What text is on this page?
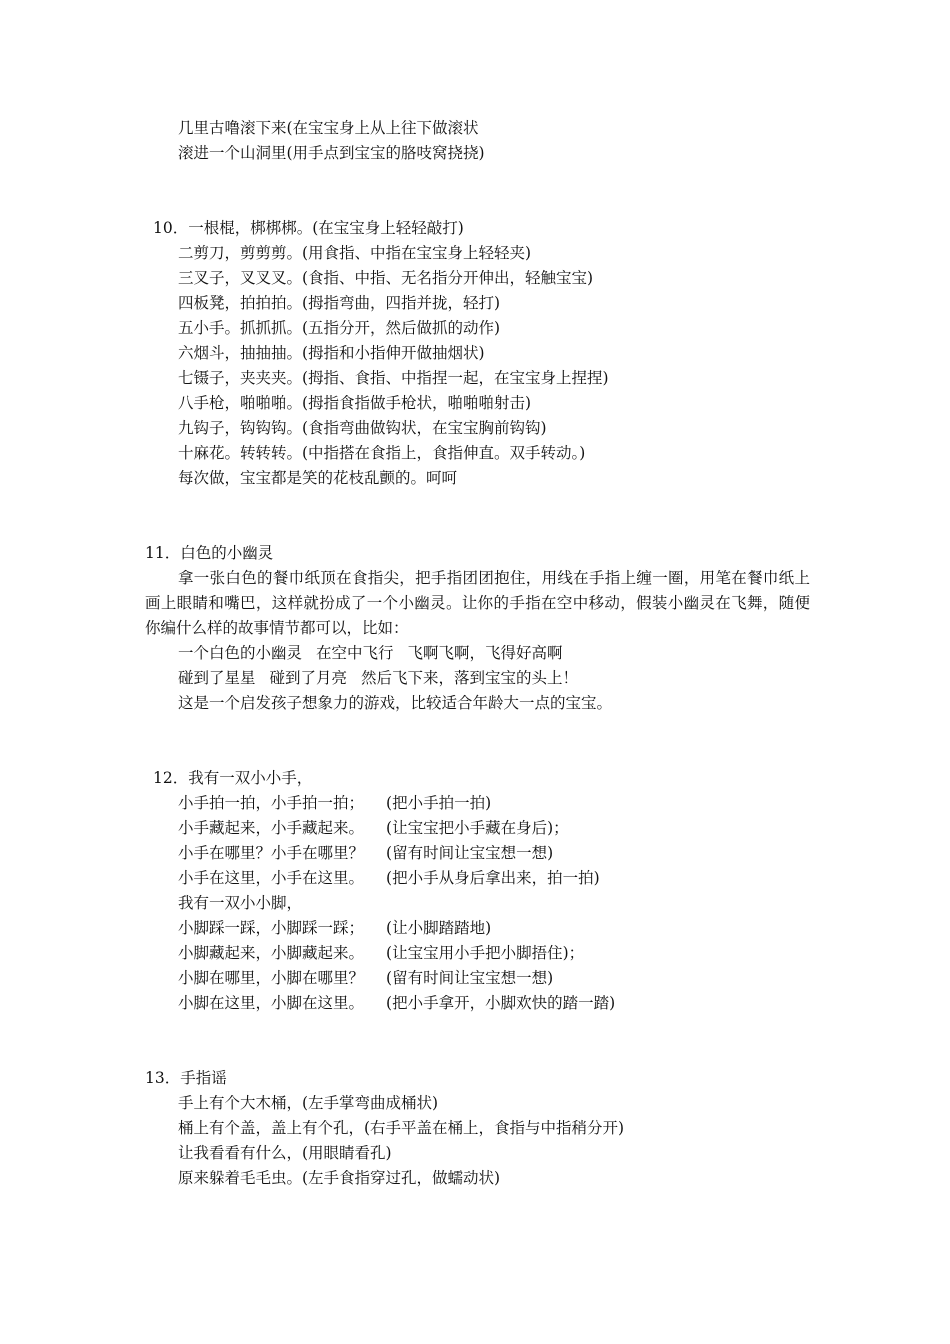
几里古噜滚下来(在宝宝身上从上往下做滚状
滚进一个山洞里(用手点到宝宝的胳吱窝挠挠)
10．一根棍，梆梆梆。(在宝宝身上轻轻敲打)
二剪刀，剪剪剪。(用食指、中指在宝宝身上轻轻夹)
三叉子，叉叉叉。(食指、中指、无名指分开伸出，轻触宝宝)
四板凳，拍拍拍。(拇指弯曲，四指并拢，轻打)
五小手。抓抓抓。(五指分开，然后做抓的动作)
六烟斗，抽抽抽。(拇指和小指伸开做抽烟状)
七镊子，夹夹夹。(拇指、食指、中指捏一起，在宝宝身上捏捏)
八手枪，啪啪啪。(拇指食指做手枪状，啪啪啪射击)
九钩子，钩钩钩。(食指弯曲做钩状，在宝宝胸前钩钩)
十麻花。转转转。(中指搭在食指上，食指伸直。双手转动。)
每次做，宝宝都是笑的花枝乱颤的。呵呵
11．白色的小幽灵
拿一张白色的餐巾纸顶在食指尖，把手指团团抱住，用线在手指上缠一圈，用笔在餐巾纸上画上眼睛和嘴巴，这样就扮成了一个小幽灵。让你的手指在空中移动，假装小幽灵在飞舞，随便你编什么样的故事情节都可以，比如：
一个白色的小幽灵 在空中飞行 飞啊飞啊，飞得好高啊
碰到了星星 碰到了月亮 然后飞下来，落到宝宝的头上！
这是一个启发孩子想象力的游戏，比较适合年龄大一点的宝宝。
12．我有一双小小手，
小手拍一拍，小手拍一拍； (把小手拍一拍)
小手藏起来，小手藏起来。 (让宝宝把小手藏在身后)；
小手在哪里？小手在哪里？ (留有时间让宝宝想一想)
小手在这里，小手在这里。 (把小手从身后拿出来，拍一拍)
我有一双小小脚，
小脚踩一踩，小脚踩一踩； (让小脚踏踏地)
小脚藏起来，小脚藏起来。 (让宝宝用小手把小脚捂住)；
小脚在哪里，小脚在哪里？ (留有时间让宝宝想一想)
小脚在这里，小脚在这里。 (把小手拿开，小脚欢快的踏一踏)
13．手指谣
手上有个大木桶，(左手掌弯曲成桶状)
桶上有个盖，盖上有个孔，(右手平盖在桶上，食指与中指稍分开)
让我看看有什么，(用眼睛看孔)
原来躲着毛毛虫。(左手食指穿过孔，做蠕动状)
